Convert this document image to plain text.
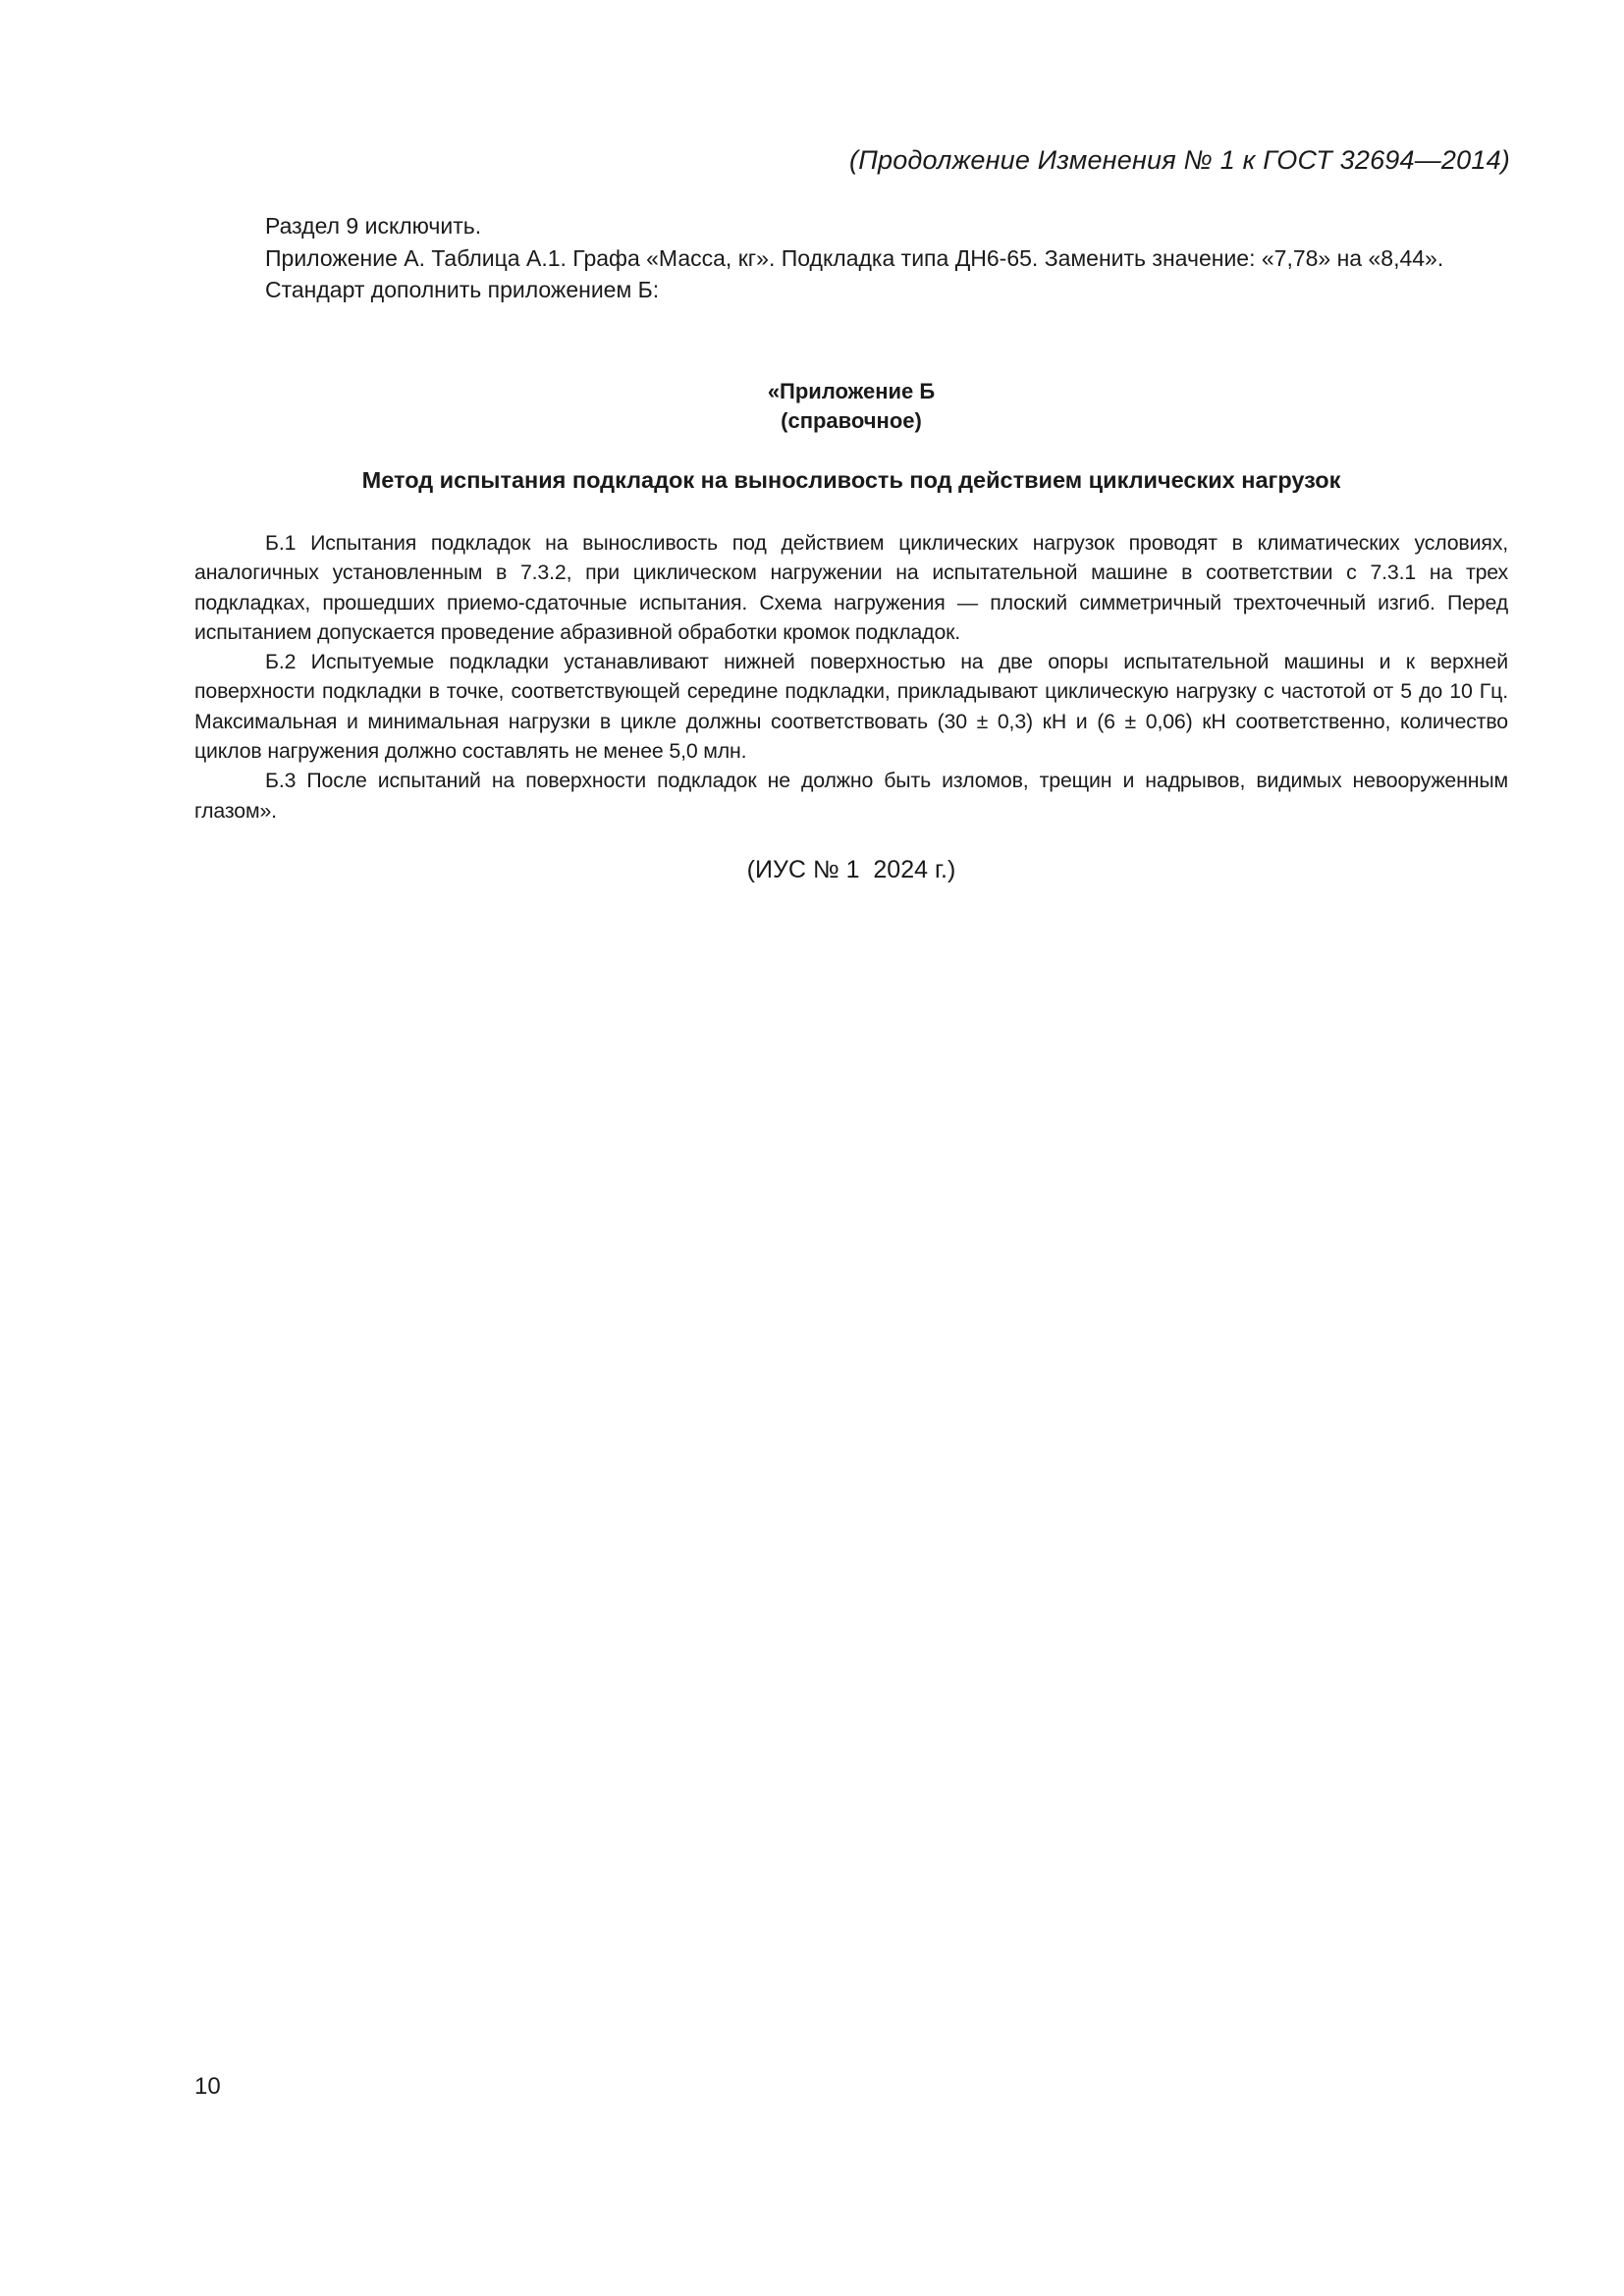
(Продолжение Изменения № 1 к ГОСТ 32694—2014)

Раздел 9 исключить.

Приложение А. Таблица А.1. Графа «Масса, кг». Подкладка типа ДН6-65. Заменить значение: «7,78» на «8,44».

Стандарт дополнить приложением Б:

«Приложение Б
(справочное)
Метод испытания подкладок на выносливость под действием циклических нагрузок

Б.1 Испытания подкладок на выносливость под действием циклических нагрузок проводят в климатических условиях, аналогичных установленным в 7.3.2, при циклическом нагружении на испытательной машине в соответствии с 7.3.1 на трех подкладках, прошедших приемо-сдаточные испытания. Схема нагружения — плоский симметричный трехточечный изгиб. Перед испытанием допускается проведение абразивной обработки кромок подкладок.

Б.2 Испытуемые подкладки устанавливают нижней поверхностью на две опоры испытательной машины и к верхней поверхности подкладки в точке, соответствующей середине подкладки, прикладывают циклическую нагрузку с частотой от 5 до 10 Гц. Максимальная и минимальная нагрузки в цикле должны соответствовать (30 ± 0,3) кН и (6 ± 0,06) кН соответственно, количество циклов нагружения должно составлять не менее 5,0 млн.

Б.3 После испытаний на поверхности подкладок не должно быть изломов, трещин и надрывов, видимых невооруженным глазом».

(ИУС № 1  2024 г.)
10
